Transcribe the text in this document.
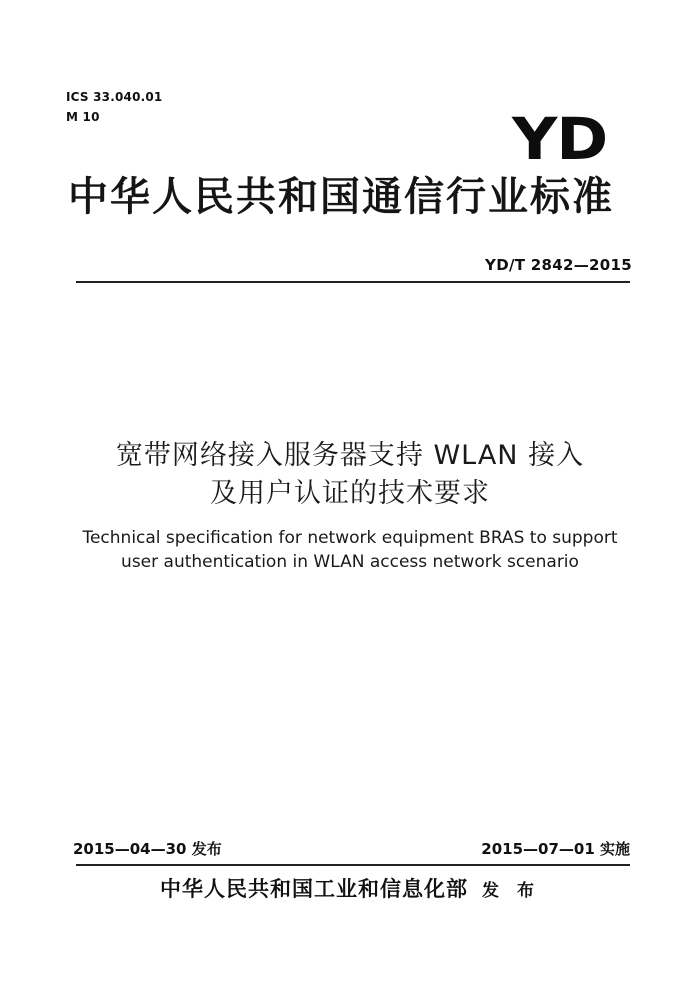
ICS 33.040.01
M 10	YD
中华人民共和国通信行业标准
YD/T 2842—2015
宽带网络接入服务器支持 WLAN 接入
及用户认证的技术要求
Technical specification for network equipment BRAS to support
user authentication in WLAN access network scenario
2015—04—30 发布	2015—07—01 实施
中华人民共和国工业和信息化部 发 布
